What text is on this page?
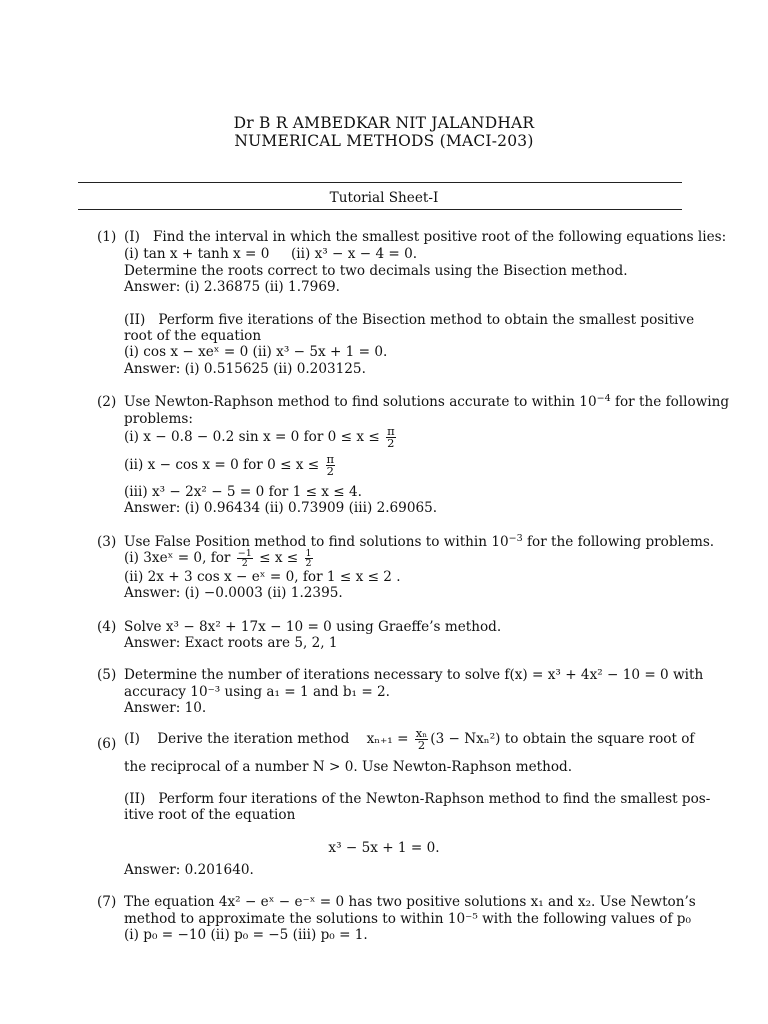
Dr B R AMBEDKAR NIT JALANDHAR
NUMERICAL METHODS (MACI-203)
Tutorial Sheet-I
(1) (I) Find the interval in which the smallest positive root of the following equations lies:
(i) tan x + tanh x = 0 (ii) x³ − x − 4 = 0.
Determine the roots correct to two decimals using the Bisection method.
Answer: (i) 2.36875 (ii) 1.7969.
(II) Perform five iterations of the Bisection method to obtain the smallest positive
root of the equation
(i) cos x − xeˣ = 0 (ii) x³ − 5x + 1 = 0.
Answer: (i) 0.515625 (ii) 0.203125.
(2) Use Newton-Raphson method to find solutions accurate to within $10^{-4}$ for the following
problems:
(i) x − 0.8 − 0.2 sin x = 0 for $0 \le x \le \frac{\pi}{2}$
(ii) x − cos x = 0 for $0 \le x \le \frac{\pi}{2}$
(iii) x³ − 2x² − 5 = 0 for 1 ≤ x ≤ 4.
Answer: (i) 0.96434 (ii) 0.73909 (iii) 2.69065.
(3) Use False Position method to find solutions to within $10^{-3}$ for the following problems.
(i) 3xeˣ = 0, for $\frac{-1}{2} \le x \le \frac{1}{2}$
(ii) 2x + 3 cos x − eˣ = 0, for 1 ≤ x ≤ 2 .
Answer: (i) −0.0003 (ii) 1.2395.
(4) Solve x³ − 8x² + 17x − 10 = 0 using Graeffe’s method.
Answer: Exact roots are 5, 2, 1
(5) Determine the number of iterations necessary to solve f(x) = x³ + 4x² − 10 = 0 with
accuracy 10⁻³ using a₁ = 1 and b₁ = 2.
Answer: 10.
(6) (I) Derive the iteration method $x_{n+1} = \frac{\text{xₙ}}{2} (3 - Nx_n^2)$ to obtain the square root of
the reciprocal of a number N > 0. Use Newton-Raphson method.
(II) Perform four iterations of the Newton-Raphson method to find the smallest pos-
itive root of the equation
x³ − 5x + 1 = 0.
Answer: 0.201640.
(7) The equation 4x² − eˣ − e⁻ˣ = 0 has two positive solutions x₁ and x₂. Use Newton’s
method to approximate the solutions to within 10⁻⁵ with the following values of p₀
(i) p₀ = −10 (ii) p₀ = −5 (iii) p₀ = 1.
